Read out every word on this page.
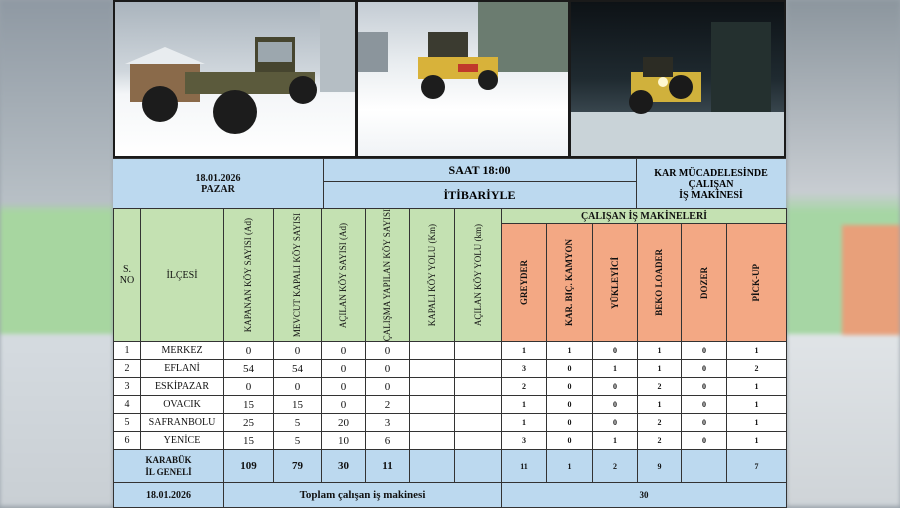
18.01.2026
PAZAR
SAAT 18:00
İTİBARİYLE
KAR MÜCADELESİNDE
ÇALIŞAN
İŞ MAKİNESİ
S.
NO	İLÇESİ	KAPANAN KÖY SAYISI (Ad)	MEVCUT KAPALI KÖY SAYISI	AÇILAN KÖY SAYISI (Ad)	ÇALIŞMA YAPILAN KÖY SAYISI	KAPALI KÖY YOLU (Km)	AÇILAN KÖY YOLU (km)	ÇALIŞAN İŞ MAKİNELERİ					

								GREYDER	KAR. BIÇ. KAMYON	YÜKLEYİCİ	BEKO LOADER	DOZER	PİCK-UP

1	MERKEZ	0	0	0	0			1	1	0	1	0	1
2	EFLANİ	54	54	0	0			3	0	1	1	0	2
3	ESKİPAZAR	0	0	0	0			2	0	0	2	0	1
4	OVACIK	15	15	0	2			1	0	0	1	0	1
5	SAFRANBOLU	25	5	20	3			1	0	0	2	0	1
6	YENİCE	15	5	10	6			3	0	1	2	0	1

KARABÜK
İL GENELİ		109	79	30	11			11	1	2	9		7
18.01.2026		Toplam çalışan iş makinesi						30					
